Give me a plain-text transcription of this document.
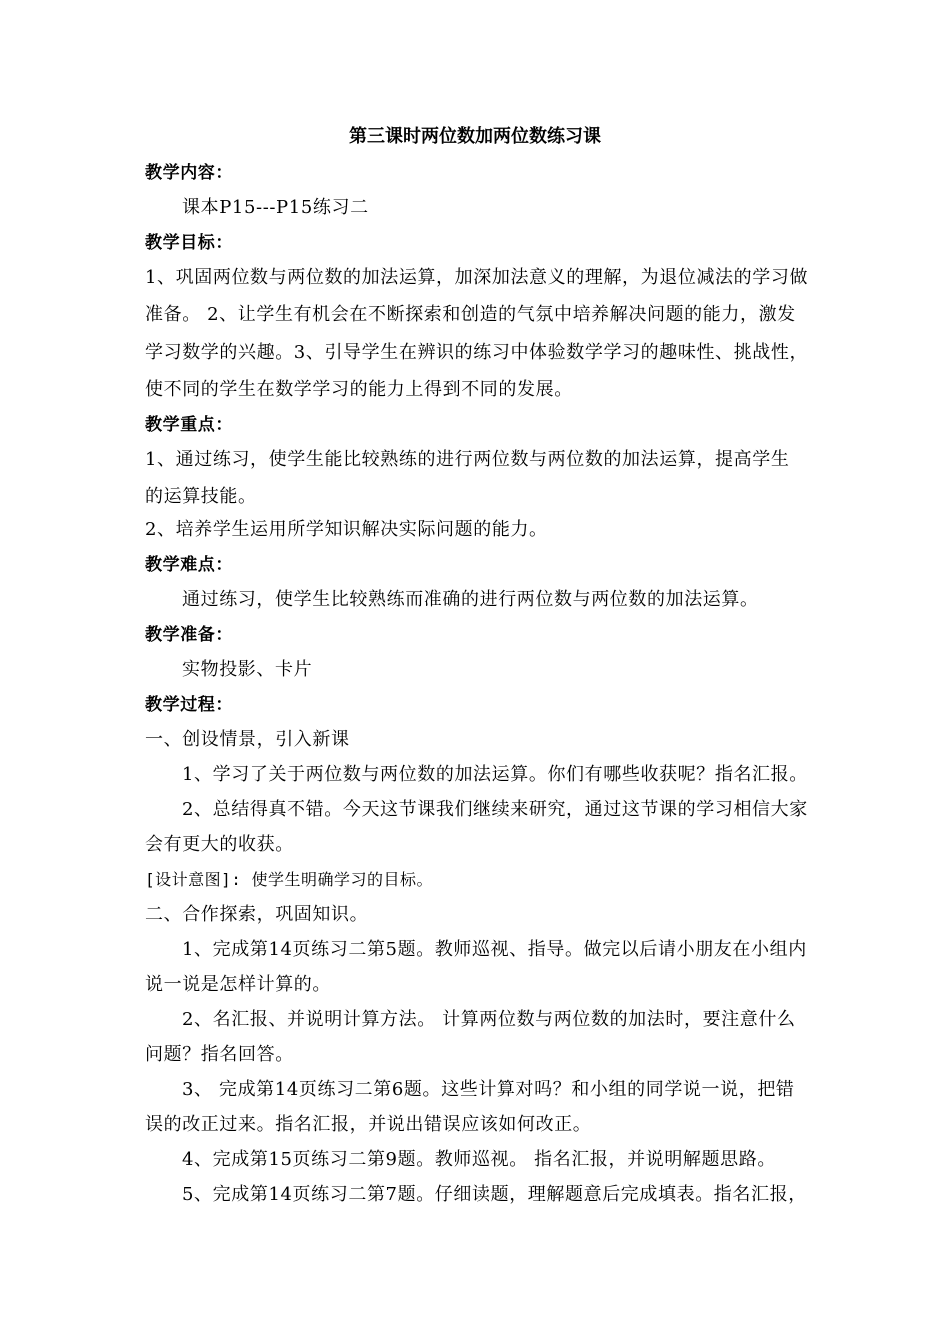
第三课时两位数加两位数练习课
教学内容：
课本P15---P15练习二
教学目标：
1、巩固两位数与两位数的加法运算，加深加法意义的理解，为退位减法的学习做
准备。 2、让学生有机会在不断探索和创造的气氛中培养解决问题的能力，激发
学习数学的兴趣。3、引导学生在辨识的练习中体验数学学习的趣味性、挑战性，
使不同的学生在数学学习的能力上得到不同的发展。
教学重点：
1、通过练习，使学生能比较熟练的进行两位数与两位数的加法运算，提高学生
的运算技能。
2、培养学生运用所学知识解决实际问题的能力。
教学难点：
通过练习，使学生比较熟练而准确的进行两位数与两位数的加法运算。
教学准备：
实物投影、卡片
教学过程：
一、创设情景，引入新课
1、学习了关于两位数与两位数的加法运算。你们有哪些收获呢？指名汇报。
2、总结得真不错。今天这节课我们继续来研究，通过这节课的学习相信大家
会有更大的收获。
[设计意图]: 使学生明确学习的目标。
二、合作探索，巩固知识。
1、完成第14页练习二第5题。教师巡视、指导。做完以后请小朋友在小组内
说一说是怎样计算的。
2、名汇报、并说明计算方法。 计算两位数与两位数的加法时，要注意什么
问题？指名回答。
3、 完成第14页练习二第6题。这些计算对吗？和小组的同学说一说，把错
误的改正过来。指名汇报，并说出错误应该如何改正。
4、完成第15页练习二第9题。教师巡视。 指名汇报，并说明解题思路。
5、完成第14页练习二第7题。仔细读题，理解题意后完成填表。指名汇报，
